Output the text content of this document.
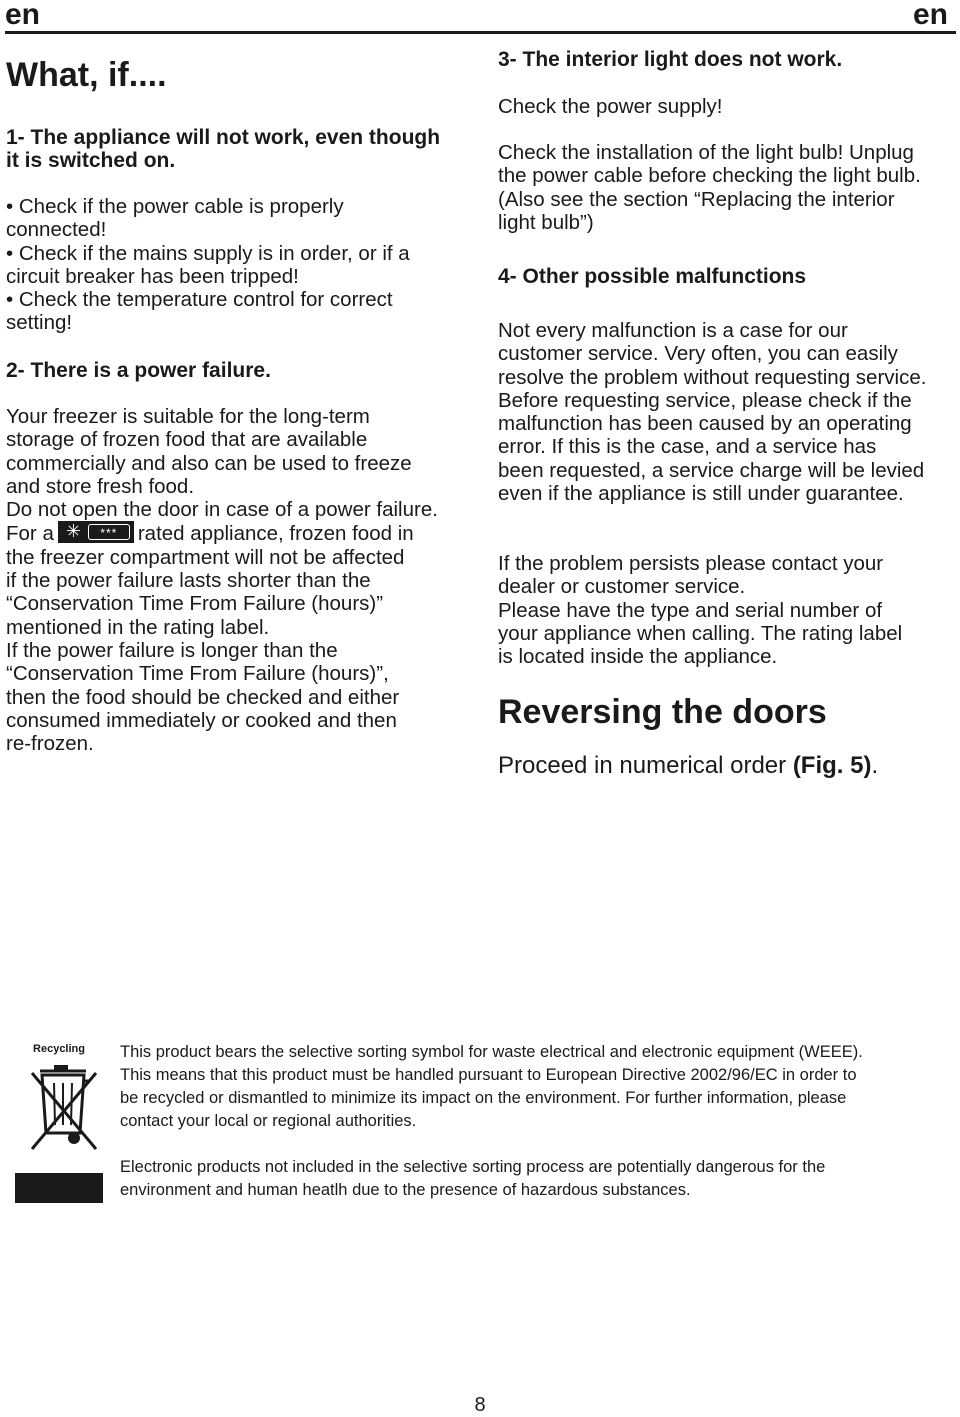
en	en
What, if....
1- The appliance will not work, even though
it is switched on.
• Check if the power cable is properly
connected!
• Check if the mains supply is in order, or if a
circuit breaker has been tripped!
• Check the temperature control for correct
setting!
2- There is a power failure.
Your freezer is suitable for the long-term
storage of frozen food that are available
commercially and also can be used to freeze
and store fresh food.
Do not open the door in case of a power failure.
For a ✳	***	rated appliance, frozen food in
the freezer compartment will not be affected
if the power failure lasts shorter than the
“Conservation Time From Failure (hours)”
mentioned in the rating label.
If the power failure is longer than the
“Conservation Time From Failure (hours)”,
then the food should be checked and either
consumed immediately or cooked and then
re-frozen.
3- The interior light does not work.
Check the power supply!
Check the installation of the light bulb! Unplug
the power cable before checking the light bulb.
(Also see the section “Replacing the interior
light bulb”)
4- Other possible malfunctions
Not every malfunction is a case for our
customer service. Very often, you can easily
resolve the problem without requesting service.
Before requesting service, please check if the
malfunction has been caused by an operating
error. If this is the case, and a service has
been requested, a service charge will be levied
even if the appliance is still under guarantee.
If the problem persists please contact your
dealer or customer service.
Please have the type and serial number of
your appliance when calling. The rating label
is located inside the appliance.
Reversing the doors
Proceed in numerical order (Fig. 5).
Recycling	This product bears the selective sorting symbol for waste electrical and electronic equipment (WEEE).
This means that this product must be handled pursuant to European Directive 2002/96/EC in order to
be recycled or dismantled to minimize its impact on the environment. For further information, please
contact your local or regional authorities.
Electronic products not included in the selective sorting process are potentially dangerous for the
environment and human heatlh due to the presence of hazardous substances.
8
